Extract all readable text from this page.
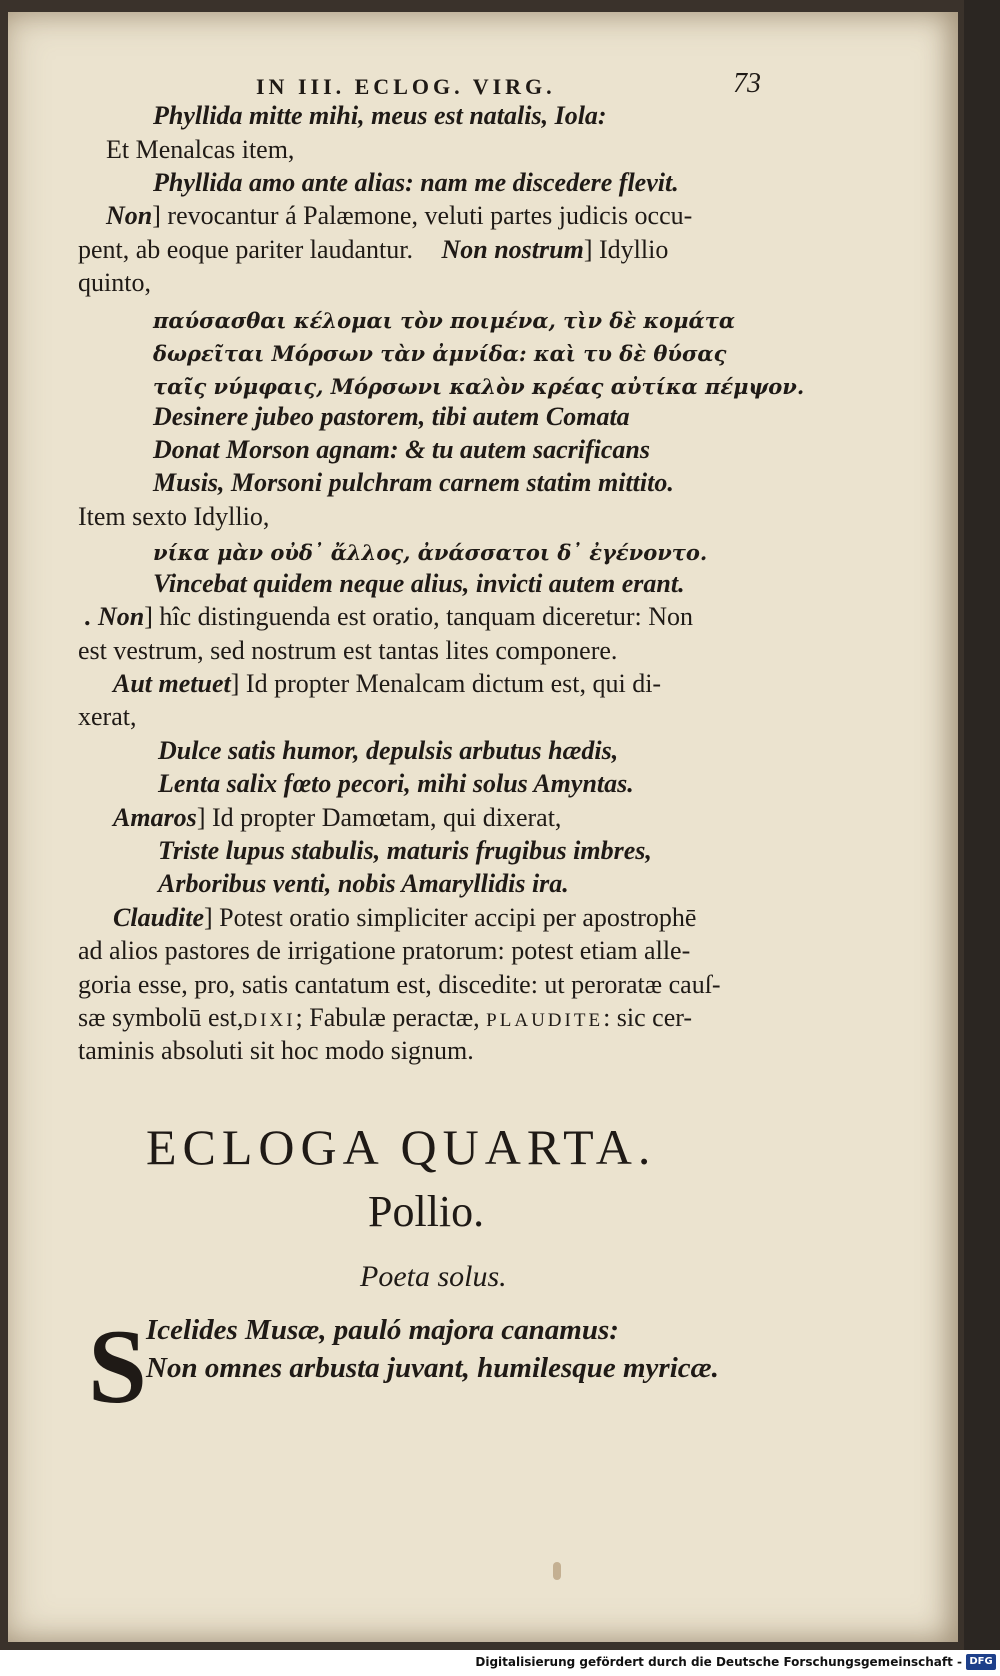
IN III. ECLOG. VIRG.	73
Phyllida mitte mihi, meus est natalis, Iola:
Et Menalcas item,
Phyllida amo ante alias: nam me discedere flevit.
Non] revocantur á Palæmone, veluti partes judicis occu-
pent, ab eoque pariter laudantur. Non nostrum] Idyllio
quinto,
παύσασθαι κέλομαι τὸν ποιμένα, τὶν δὲ κομάτα
δωρεῖται Μόρσων τὰν ἀμνίδα: καὶ τυ δὲ θύσας
ταῖς νύμφαις, Μόρσωνι καλὸν κρέας αὐτίκα πέμψον.
Desinere jubeo pastorem, tibi autem Comata
Donat Morson agnam: & tu autem sacrificans
Musis, Morsoni pulchram carnem statim mittito.
Item sexto Idyllio,
νίκα μὰν οὐδ᾽ ἄλλος, ἀνάσσατοι δ᾽ ἐγένοντο.
Vincebat quidem neque alius, invicti autem erant.
. Non] hîc distinguenda est oratio, tanquam diceretur: Non
est vestrum, sed nostrum est tantas lites componere.
Aut metuet] Id propter Menalcam dictum est, qui di-
xerat,
Dulce satis humor, depulsis arbutus hædis,
Lenta salix fœto pecori, mihi solus Amyntas.
Amaros] Id propter Damœtam, qui dixerat,
Triste lupus stabulis, maturis frugibus imbres,
Arboribus venti, nobis Amaryllidis ira.
Claudite] Potest oratio simpliciter accipi per apostrophē
ad alios pastores de irrigatione pratorum: potest etiam alle-
goria esse, pro, satis cantatum est, discedite: ut peroratæ cauſ-
sæ symbolū est,DIXI; Fabulæ peractæ, PLAUDITE: sic cer-
taminis absoluti sit hoc modo signum.
ECLOGA QUARTA.
Pollio.
Poeta solus.
S Icelides Musæ, pauló majora canamus:
Non omnes arbusta juvant, humilesque myricæ.
Digitalisierung gefördert durch die Deutsche Forschungsgemeinschaft - DFG
